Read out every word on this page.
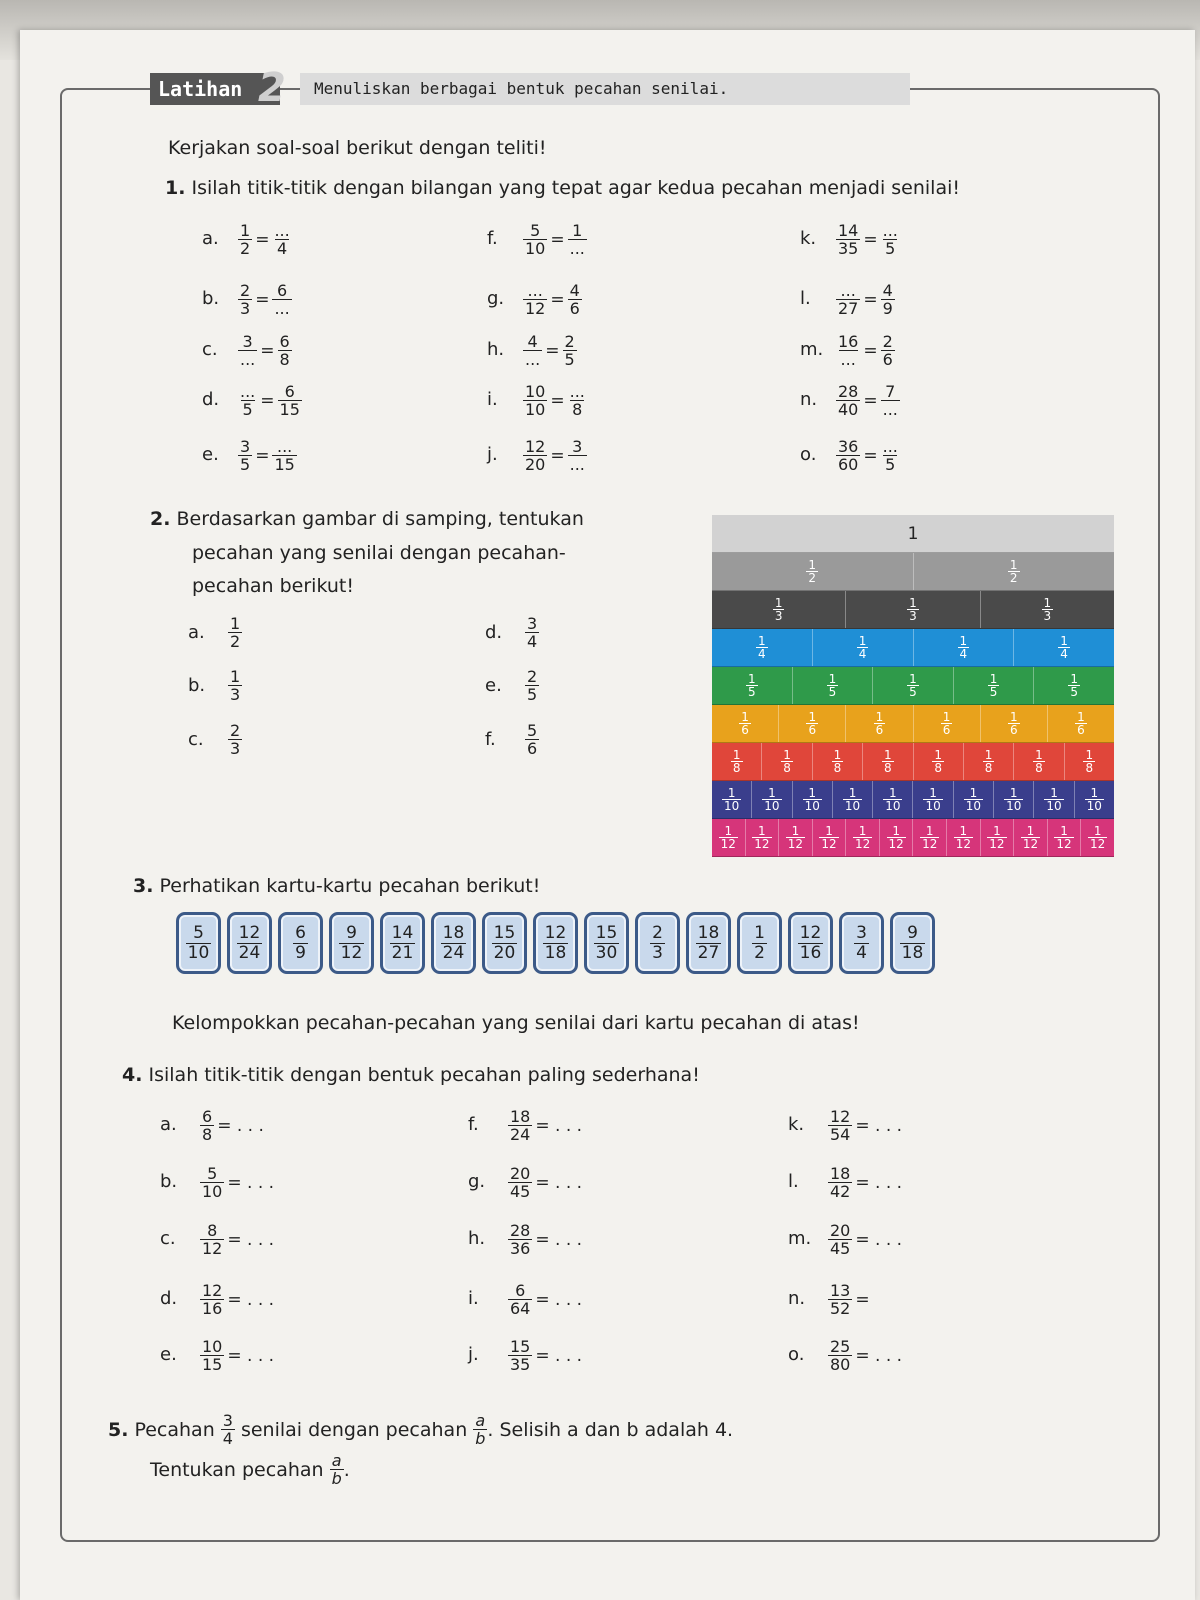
Latihan 2	Menuliskan berbagai bentuk pecahan senilai.
Kerjakan soal-soal berikut dengan teliti!
1. Isilah titik-titik dengan bilangan yang tepat agar kedua pecahan menjadi senilai!
a. $\frac{1}{2} = \frac{...}{4}$
b. $\frac{2}{3} = \frac{6}{...}$
c. $\frac{3}{...} = \frac{6}{8}$
d. $\frac{...}{5} = \frac{6}{15}$
e. $\frac{3}{5} = \frac{...}{15}$
f. $\frac{5}{10} = \frac{1}{...}$
g. $\frac{...}{12} = \frac{4}{6}$
h. $\frac{4}{...} = \frac{2}{5}$
i. $\frac{10}{10} = \frac{...}{8}$
j. $\frac{12}{20} = \frac{3}{...}$
k. $\frac{14}{35} = \frac{...}{5}$
l. $\frac{...}{27} = \frac{4}{9}$
m. $\frac{16}{...} = \frac{2}{6}$
n. $\frac{28}{40} = \frac{7}{...}$
o. $\frac{36}{60} = \frac{...}{5}$
2. Berdasarkan gambar di samping, tentukan
pecahan yang senilai dengan pecahan-
pecahan berikut!
a. $\frac{1}{2}$
b. $\frac{1}{3}$
c. $\frac{2}{3}$
d. $\frac{3}{4}$
e. $\frac{2}{5}$
f. $\frac{5}{6}$
1
$\frac{1}{2}$	$\frac{1}{2}$
$\frac{1}{3}$	$\frac{1}{3}$	$\frac{1}{3}$
$\frac{1}{4}$	$\frac{1}{4}$	$\frac{1}{4}$	$\frac{1}{4}$
$\frac{1}{5}$	$\frac{1}{5}$	$\frac{1}{5}$	$\frac{1}{5}$	$\frac{1}{5}$
$\frac{1}{6}$	$\frac{1}{6}$	$\frac{1}{6}$	$\frac{1}{6}$	$\frac{1}{6}$	$\frac{1}{6}$
$\frac{1}{8}$	$\frac{1}{8}$	$\frac{1}{8}$	$\frac{1}{8}$	$\frac{1}{8}$	$\frac{1}{8}$	$\frac{1}{8}$	$\frac{1}{8}$
$\frac{1}{10} \frac{1}{10} \frac{1}{10} \frac{1}{10} \frac{1}{10} \frac{1}{10} \frac{1}{10} \frac{1}{10} \frac{1}{10} \frac{1}{10}$
$\frac{1}{12} \frac{1}{12} \frac{1}{12} \frac{1}{12} \frac{1}{12} \frac{1}{12} \frac{1}{12} \frac{1}{12} \frac{1}{12} \frac{1}{12} \frac{1}{12} \frac{1}{12}$
3. Perhatikan kartu-kartu pecahan berikut!
$\frac{5}{10} \frac{12}{24} \frac{6}{9} \frac{9}{12} \frac{14}{21} \frac{18}{24} \frac{15}{20} \frac{12}{18} \frac{15}{30} \frac{2}{3} \frac{18}{27} \frac{1}{2} \frac{12}{16} \frac{3}{4} \frac{9}{18}$
Kelompokkan pecahan-pecahan yang senilai dari kartu pecahan di atas!
4. Isilah titik-titik dengan bentuk pecahan paling sederhana!
a. $\frac{6}{8}$ = . . .
b. $\frac{5}{10}$ = . . .
c. $\frac{8}{12}$ = . . .
d. $\frac{12}{16}$ = . . .
e. $\frac{10}{15}$ = . . .
f. $\frac{18}{24}$ = . . .
g. $\frac{20}{45}$ = . . .
h. $\frac{28}{36}$ = . . .
i. $\frac{6}{64}$ = . . .
j. $\frac{15}{35}$ = . . .
k. $\frac{12}{54}$ = . . .
l. $\frac{18}{42}$ = . . .
m. $\frac{20}{45}$ = . . .
n. $\frac{13}{52}$ =
o. $\frac{25}{80}$ = . . .
5. Pecahan $\frac{3}{4}$ senilai dengan pecahan $\frac{a}{b}$ . Selisih a dan b adalah 4.
Tentukan pecahan $\frac{a}{b}$ .
